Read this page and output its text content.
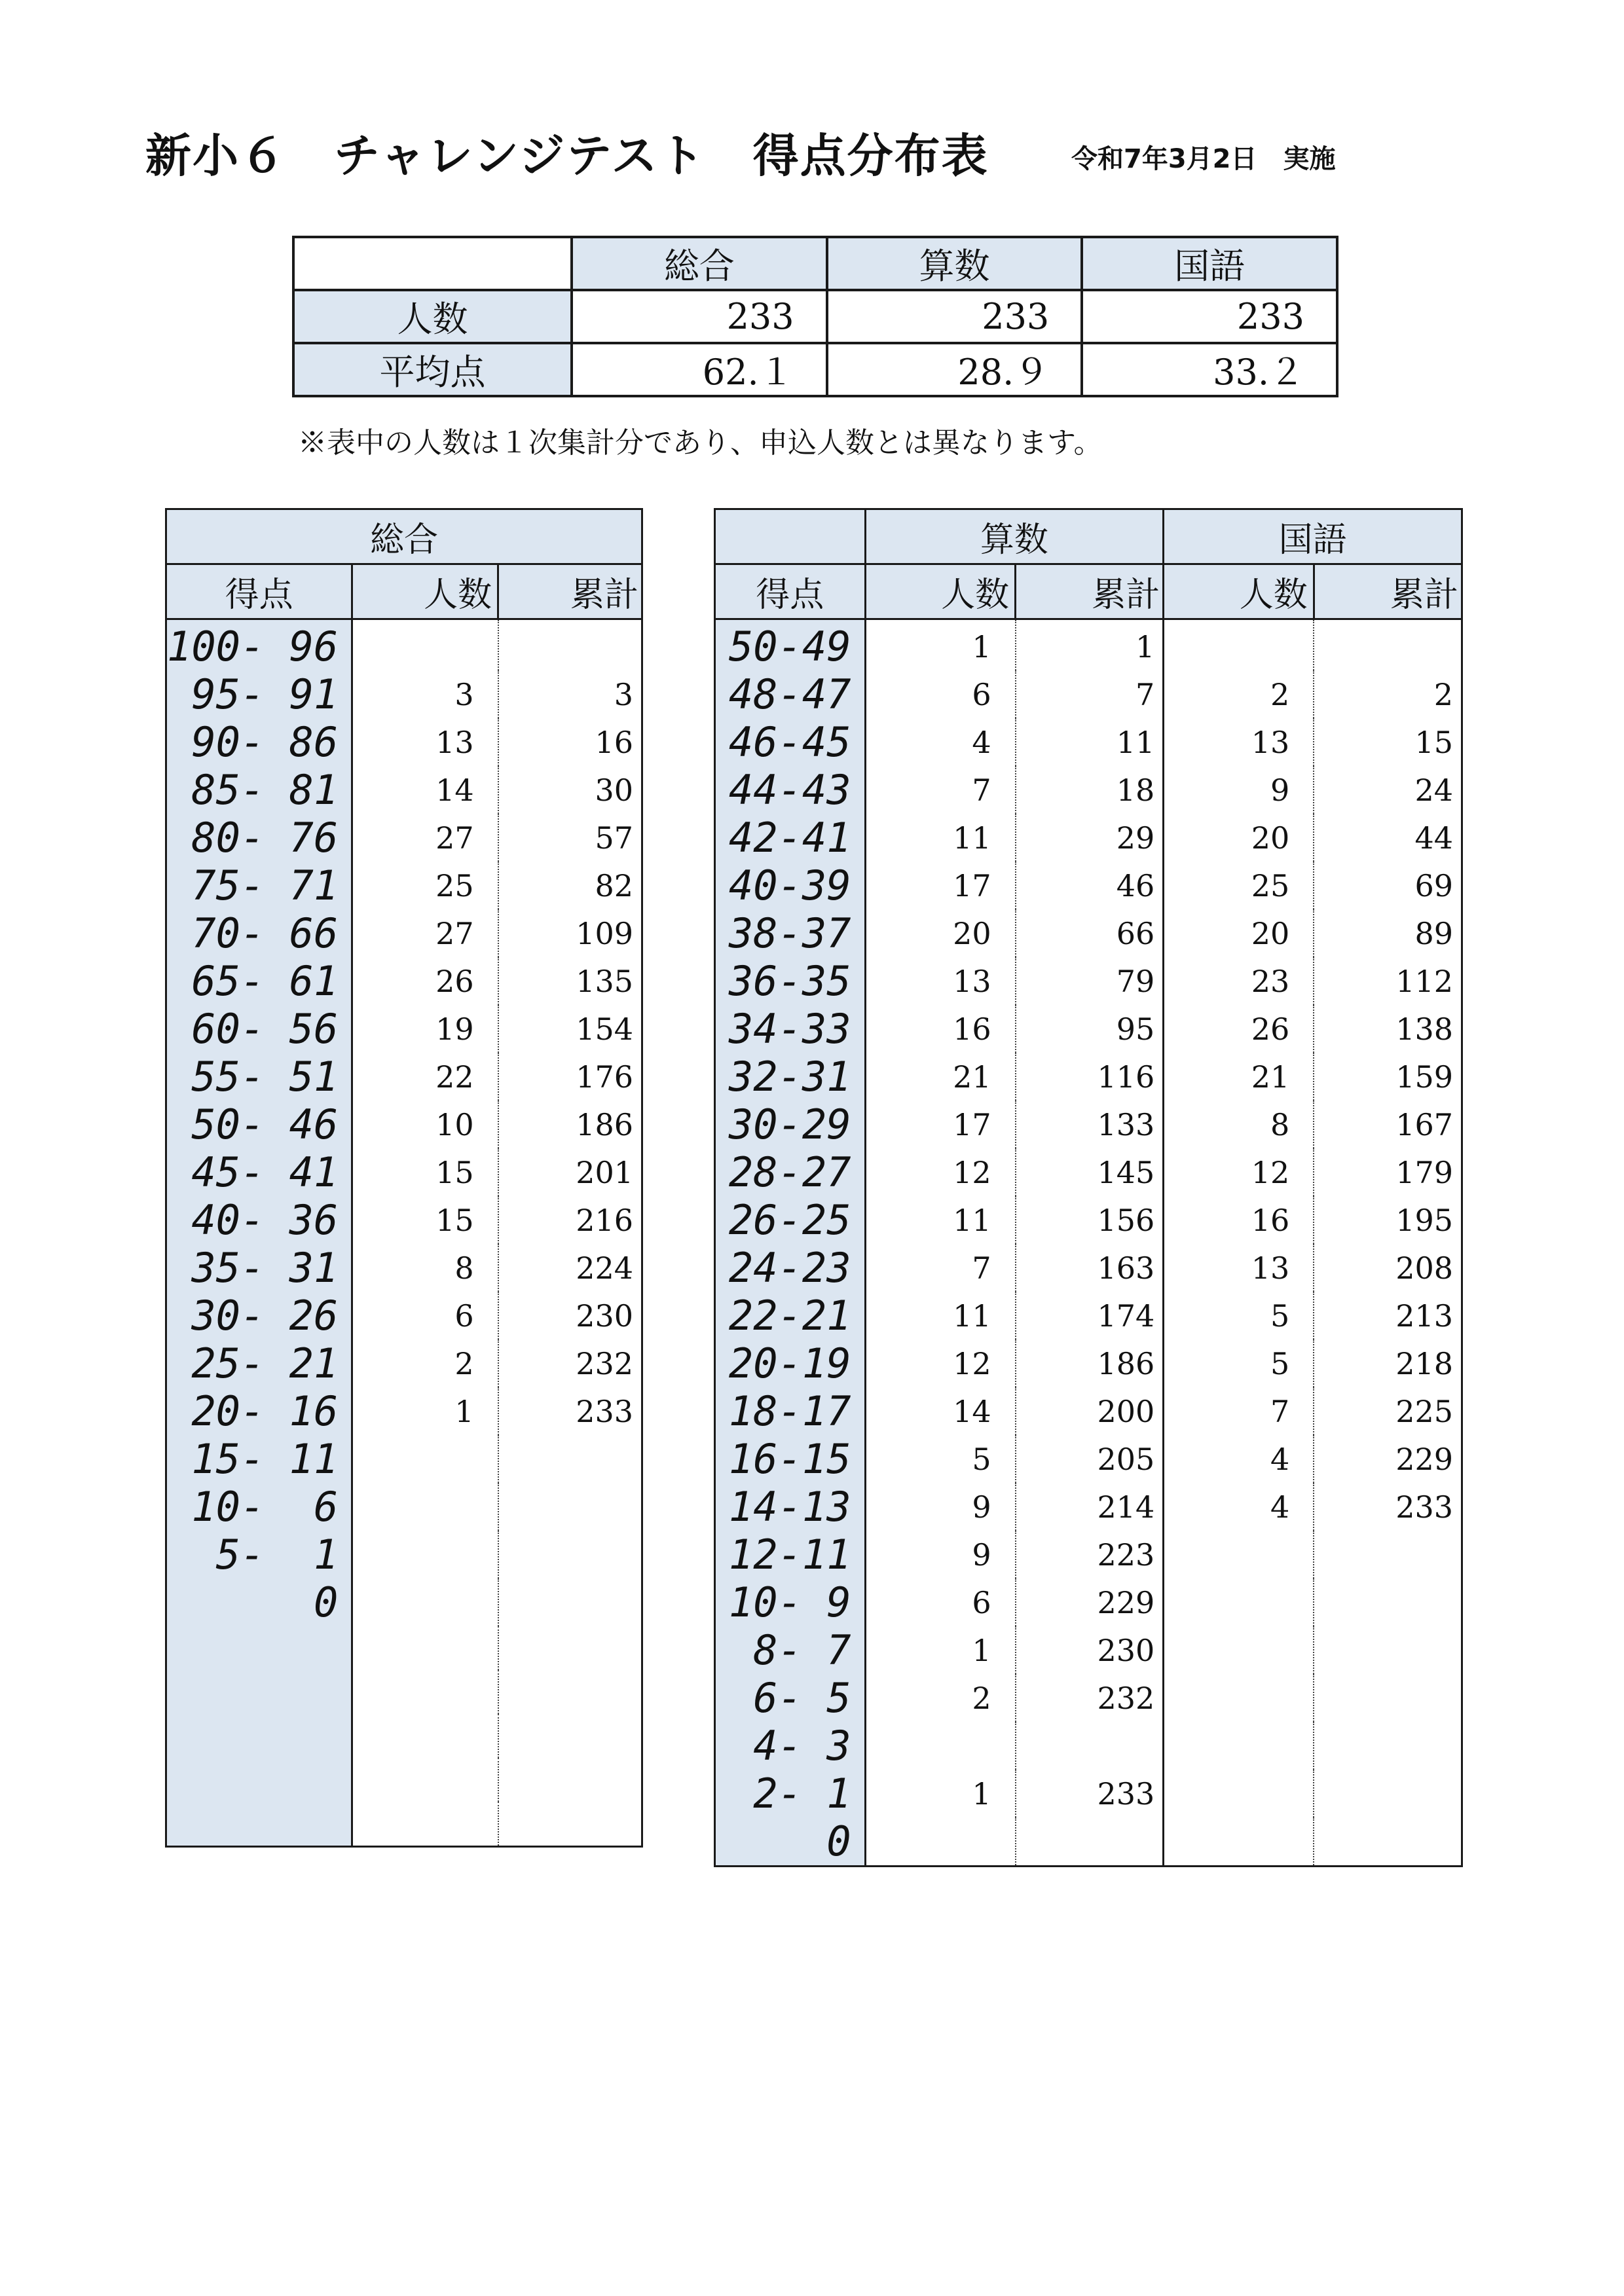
新小６　チャレンジテスト　得点分布表	令和7年3月2日　実施
	総合	算数	国語
人数	233	233	233
平均点	62.１	28.９	33.２
※表中の人数は１次集計分であり、申込人数とは異なります。
総合		
得点	人数	累計
100- 96		
95- 91	3	3
90- 86	13	16
85- 81	14	30
80- 76	27	57
75- 71	25	82
70- 66	27	109
65- 61	26	135
60- 56	19	154
55- 51	22	176
50- 46	10	186
45- 41	15	201
40- 36	15	216
35- 31	8	224
30- 26	6	230
25- 21	2	232
20- 16	1	233
15- 11		
10-  6		
5-  1		
0		

	算数		国語	
得点	人数	累計	人数	累計
50-49	1	1		
48-47	6	7	2	2
46-45	4	11	13	15
44-43	7	18	9	24
42-41	11	29	20	44
40-39	17	46	25	69
38-37	20	66	20	89
36-35	13	79	23	112
34-33	16	95	26	138
32-31	21	116	21	159
30-29	17	133	8	167
28-27	12	145	12	179
26-25	11	156	16	195
24-23	7	163	13	208
22-21	11	174	5	213
20-19	12	186	5	218
18-17	14	200	7	225
16-15	5	205	4	229
14-13	9	214	4	233
12-11	9	223		
10- 9	6	229		
8- 7	1	230		
6- 5	2	232		
4- 3				
2- 1	1	233		
0				
